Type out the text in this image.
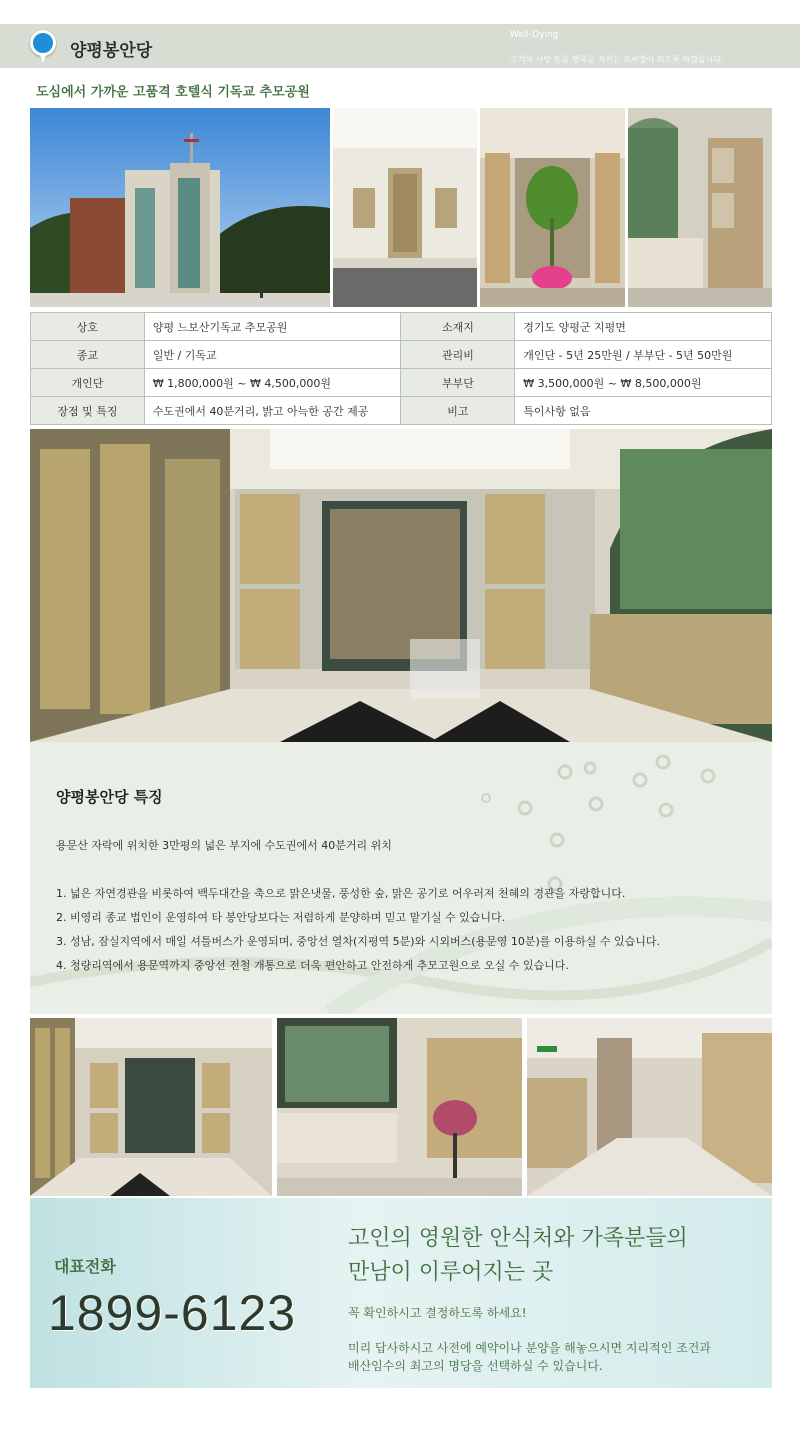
양평봉안당
Well-Dying
고객의 사랑 믿음 행복을 지키는 르씨엘이 되도록 하겠습니다.
도심에서 가까운 고품격 호텔식 기독교 추모공원
상호	양평 느보산기독교 추모공원	소재지	경기도 양평군 지평면
종교	일반 / 기독교	관리비	개인단 - 5년 25만원 / 부부단 - 5년 50만원
개인단	₩ 1,800,000원 ~ ₩ 4,500,000원	부부단	₩ 3,500,000원 ~ ₩ 8,500,000원
장점 및 특징	수도권에서 40분거리, 밝고 아늑한 공간 제공	비고	특이사항 없음
양평봉안당 특징
용문산 자락에 위치한 3만평의 넓은 부지에 수도권에서 40분거리 위치
1. 넓은 자연경관을 비롯하여 백두대간을 축으로 맑은냇물, 풍성한 숲, 맑은 공기로 어우러져 천혜의 경관을 자랑합니다.
2. 비영리 종교 법인이 운영하여 타 봉안당보다는 저렴하게 분양하며 믿고 맡기실 수 있습니다.
3. 성남, 잠실지역에서 매일 셔틀버스가 운영되며, 중앙선 열차(지평역 5분)와 시외버스(용문영 10분)를 이용하실 수 있습니다.
4. 청량리역에서 용문역까지 중앙선 전철 개통으로 더욱 편안하고 안전하게 추모고원으로 오실 수 있습니다.
대표전화
1899-6123
고인의 영원한 안식처와 가족분들의
만남이 이루어지는 곳
꼭 확인하시고 결정하도록 하세요!
미리 답사하시고 사전에 예약이나 분양을 해놓으시면 지리적인 조건과
배산임수의 최고의 명당을 선택하실 수 있습니다.
